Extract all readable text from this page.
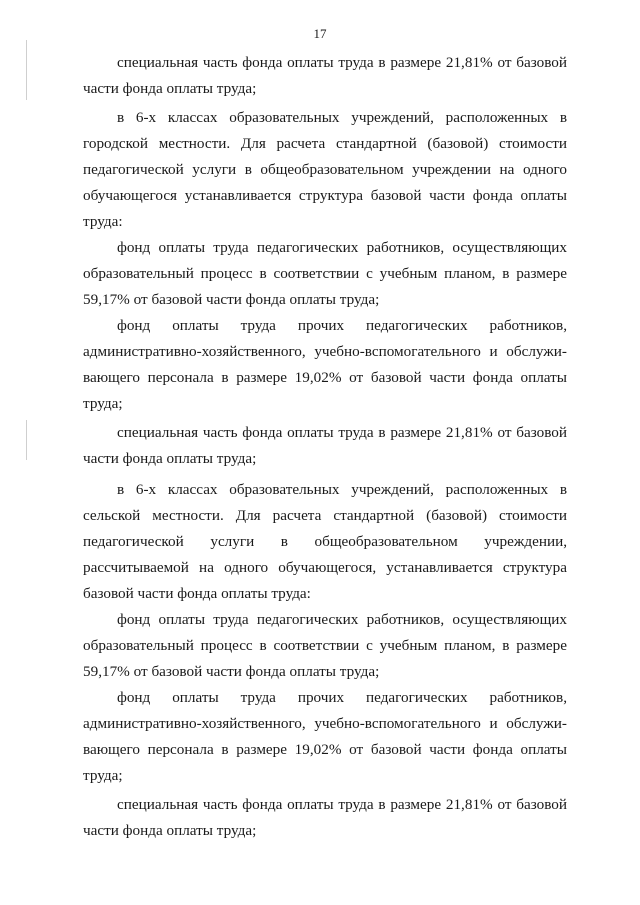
17
специальная часть фонда оплаты труда в размере 21,81% от базовой
части фонда оплаты труда;
в 6-х классах образовательных учреждений, расположенных в
городской местности. Для расчета стандартной (базовой) стоимости
педагогической услуги в общеобразовательном учреждении на одного
обучающегося устанавливается структура базовой части фонда оплаты
труда:
фонд оплаты труда педагогических работников, осуществляющих
образовательный процесс в соответствии с учебным планом, в размере
59,17% от базовой части фонда оплаты труда;
фонд оплаты труда прочих педагогических работников,
административно-хозяйственного, учебно-вспомогательного и обслужи-
вающего персонала в размере 19,02% от базовой части фонда оплаты
труда;
специальная часть фонда оплаты труда в размере 21,81% от базовой
части фонда оплаты труда;
в 6-х классах образовательных учреждений, расположенных в
сельской местности. Для расчета стандартной (базовой) стоимости
педагогической услуги в общеобразовательном учреждении,
рассчитываемой на одного обучающегося, устанавливается структура
базовой части фонда оплаты труда:
фонд оплаты труда педагогических работников, осуществляющих
образовательный процесс в соответствии с учебным планом, в размере
59,17% от базовой части фонда оплаты труда;
фонд оплаты труда прочих педагогических работников,
административно-хозяйственного, учебно-вспомогательного и обслужи-
вающего персонала в размере 19,02% от базовой части фонда оплаты
труда;
специальная часть фонда оплаты труда в размере 21,81% от базовой
части фонда оплаты труда;
